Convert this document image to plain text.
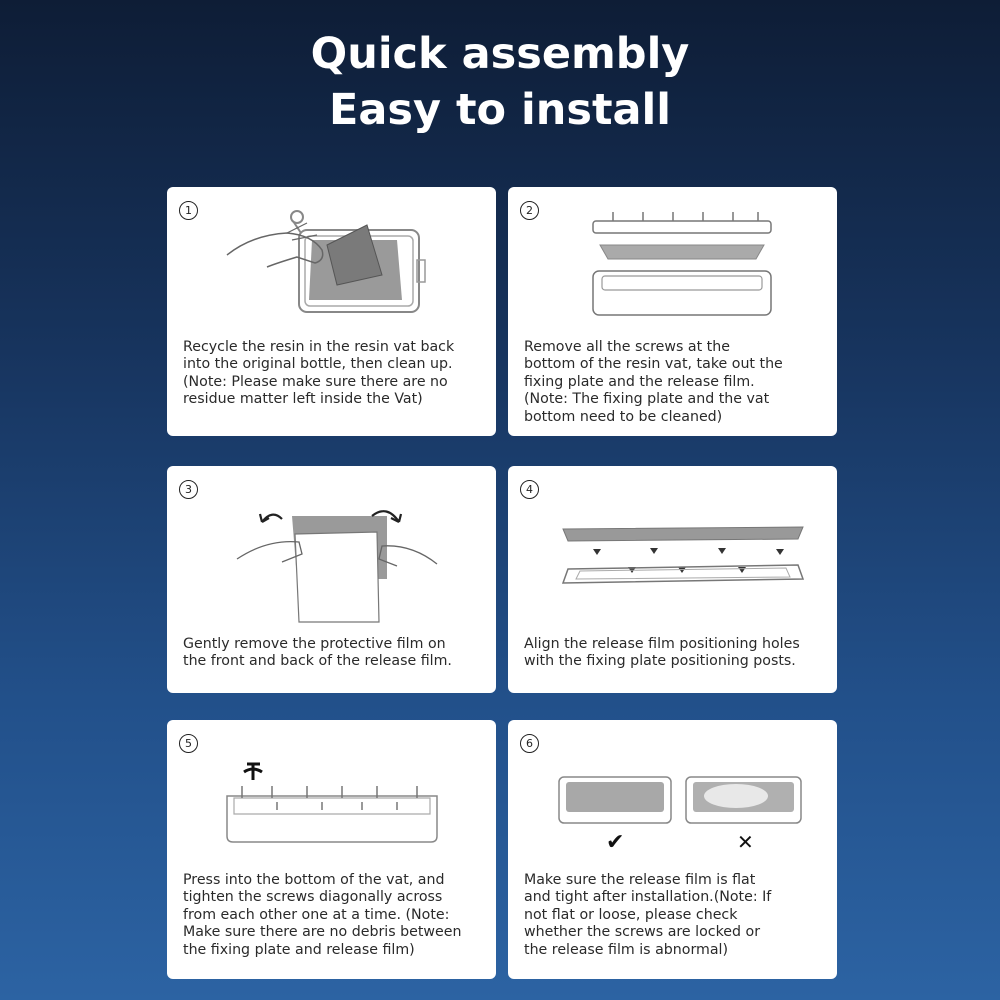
Quick assembly
Easy to install
1
Recycle the resin in the resin vat back
into the original bottle, then clean up.
(Note: Please make sure there are no
residue matter left inside the Vat)
2
Remove all the screws at the
bottom of the resin vat, take out the
fixing plate and the release film.
(Note: The fixing plate and the vat
bottom need to be cleaned)
3
Gently remove the protective film on
the front and back of the release film.
4
Align the release film positioning holes
with the fixing plate positioning posts.
5
Press into the bottom of the vat, and
tighten the screws diagonally across
from each other one at a time. (Note:
Make sure there are no debris between
the fixing plate and release film)
6
✔	✕
Make sure the release film is flat
and tight after installation.(Note: If
not flat or loose, please check
whether the screws are locked or
the release film is abnormal)
